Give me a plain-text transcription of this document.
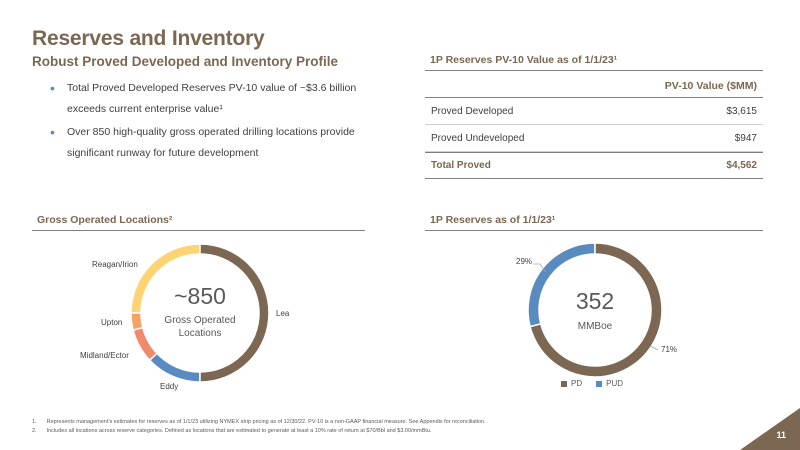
Reserves and Inventory
Robust Proved Developed and Inventory Profile
• Total Proved Developed Reserves PV-10 value of ~$3.6 billion exceeds current enterprise value¹
• Over 850 high-quality gross operated drilling locations provide significant runway for future development
1P Reserves PV-10 Value as of 1/1/23¹
PV-10 Value ($MM)
Proved Developed	$3,615
Proved Undeveloped	$947
Total Proved	$4,562
Gross Operated Locations²
~850
Gross Operated
Locations
Lea
Eddy
Midland/Ector
Upton
Reagan/Irion
1P Reserves as of 1/1/23¹
352
MMBoe
29%
71%
PD	PUD
1. Represents management’s estimates for reserves as of 1/1/23 utilizing NYMEX strip pricing as of 12/30/22. PV-10 is a non-GAAP financial measure. See Appendix for reconciliation.
2. Includes all locations across reserve categories. Defined as locations that are estimated to generate at least a 10% rate of return at $70/Bbl and $3.00/mmBtu.	11
